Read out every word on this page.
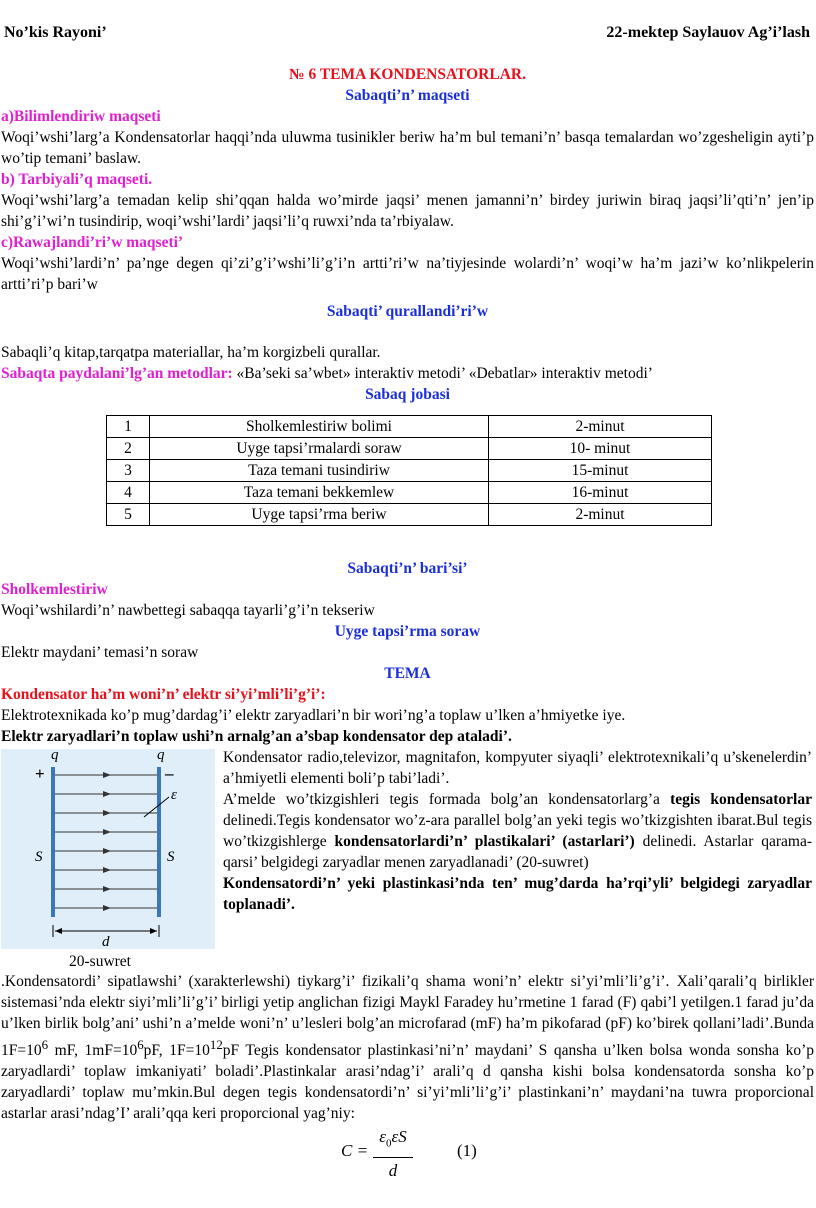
No’kis Rayoni’	22-mektep Saylauov Ag’i’lash

№ 6 TEMA KONDENSATORLAR.

Sabaqti’n’ maqseti

a)Bilimlendiriw maqseti

Woqi’wshi’larg’a Kondensatorlar haqqi’nda uluwma tusinikler beriw ha’m bul temani’n’ basqa temalardan wo’zgesheligin ayti’p wo’tip temani’ baslaw.

b) Tarbiyali’q maqseti.

Woqi’wshi’larg’a temadan kelip shi’qqan halda wo’mirde jaqsi’ menen jamanni’n’ birdey juriwin biraq jaqsi’li’qti’n’ jen’ip shi’g’i’wi’n tusindirip, woqi’wshi’lardi’ jaqsi’li’q ruwxi’nda ta’rbiyalaw.

c)Rawajlandi’ri’w maqseti’

Woqi’wshi’lardi’n’ pa’nge degen qi’zi’g’i’wshi’li’g’i’n artti’ri’w na’tiyjesinde wolardi’n’ woqi’w ha’m jazi’w ko’nlikpelerin artti’ri’p bari’w

Sabaqti’ qurallandi’ri’w

Sabaqli’q kitap,tarqatpa materiallar, ha’m korgizbeli qurallar.

Sabaqta paydalani’lg’an metodlar: «Ba’seki sa’wbet» interaktiv metodi’ «Debatlar» interaktiv metodi’

Sabaq jobasi

1	Sholkemlestiriw bolimi	2-minut
2	Uyge tapsi’rmalardi soraw	10- minut
3	Taza temani tusindiriw	15-minut
4	Taza temani bekkemlew	16-minut
5	Uyge tapsi’rma beriw	2-minut

Sabaqti’n’ bari’si’

Sholkemlestiriw

Woqi’wshilardi’n’ nawbettegi sabaqqa tayarli’g’i’n tekseriw

Uyge tapsi’rma soraw

Elektr maydani’ temasi’n soraw

TEMA

Kondensator ha’m woni’n’ elektr si’yi’mli’li’g’i’:

Elektrotexnikada ko’p mug’dardag’i’ elektr zaryadlari’n bir wori’ng’a toplaw u’lken a’hmiyetke iye.

Elektr zaryadlari’n toplaw ushi’n arnalg’an a’sbap kondensator dep ataladi’.

q	q
+	–
ε
S	S
d
20-suwret

Kondensator radio,televizor, magnitafon, kompyuter siyaqli’ elektrotexnikali’q u’skenelerdin’ a’hmiyetli elementi boli’p tabi’ladi’.

A’melde wo’tkizgishleri tegis formada bolg’an kondensatorlarg’a tegis kondensatorlar delinedi.Tegis kondensator wo’z-ara parallel bolg’an yeki tegis wo’tkizgishten ibarat.Bul tegis wo’tkizgishlerge kondensatorlardi’n’ plastikalari’ (astarlari’) delinedi. Astarlar qarama-qarsi’ belgidegi zaryadlar menen zaryadlanadi’ (20-suwret)

Kondensatordi’n’ yeki plastinkasi’nda ten’ mug’darda ha’rqi’yli’ belgidegi zaryadlar toplanadi’.

.Kondensatordi’ sipatlawshi’ (xarakterlewshi) tiykarg’i’ fizikali’q shama woni’n’ elektr si’yi’mli’li’g’i’. Xali’qarali’q birlikler sistemasi’nda elektr siyi’mli’li’g’i’ birligi yetip anglichan fizigi Maykl Faradey hu’rmetine 1 farad (F) qabi’l yetilgen.1 farad ju’da u’lken birlik bolg’ani’ ushi’n a’melde woni’n’ u’lesleri bolg’an microfarad (mF) ha’m pikofarad (pF) ko’birek qollani’ladi’.Bunda $1F=10^6$ mF, $1mF=10^6pF$, $1F=10^{12}pF$ Tegis kondensator plastinkasi’ni’n’ maydani’ S qansha u’lken bolsa wonda sonsha ko’p zaryadlardi’ toplaw imkaniyati’ boladi’.Plastinkalar arasi’ndag’i’ arali’q d qansha kishi bolsa kondensatorda sonsha ko’p zaryadlardi’ toplaw mu’mkin.Bul degen tegis kondensatordi’n’ si’yi’mli’li’g’i’ plastinkani’n’ maydani’na tuwra proporcional astarlar arasi’ndag’I’ arali’qqa keri proporcional yag’niy:

$C = \frac{\varepsilon_0\varepsilon S}{d}$	(1)
